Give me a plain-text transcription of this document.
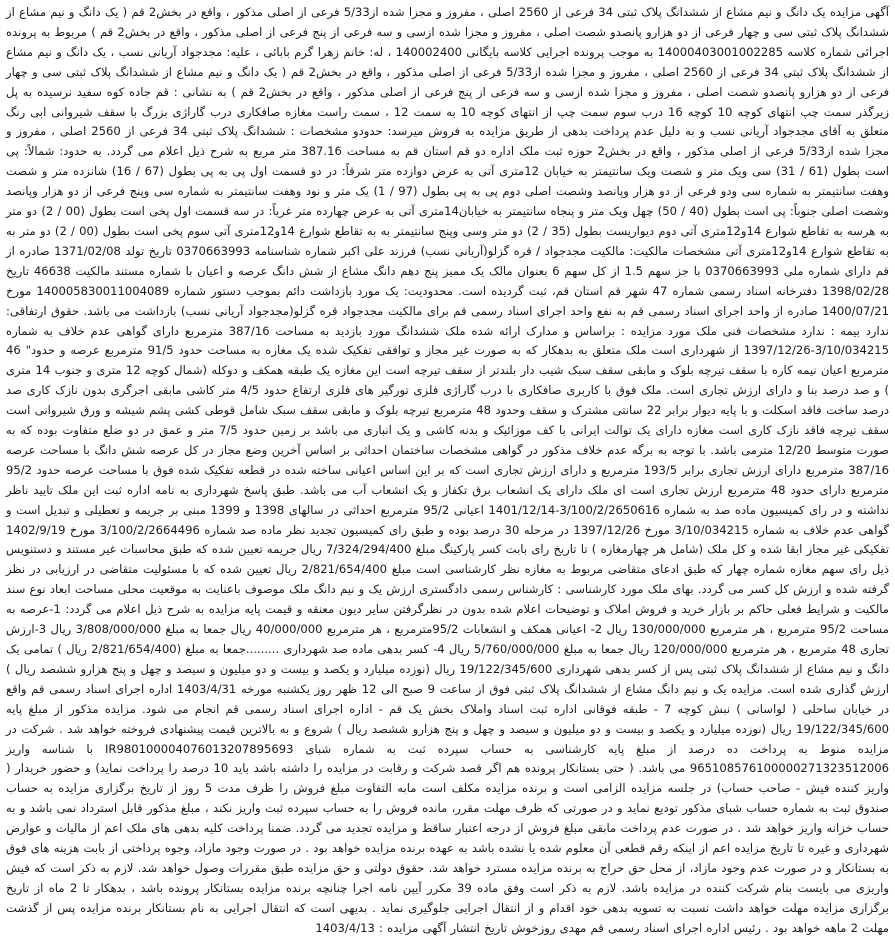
آگهی مزایده یک دانگ و نیم مشاع از ششدانگ پلاک ثبتی 34 فرعی از 2560 اصلی ، مفروز و مجزا شده از5/33 فرعی از اصلی مذکور ، واقع در بخش2 قم ( یک دانگ و نیم مشاع از ششدانگ پلاک ثبتی سی و چهار فرعی از دو هزارو پانصدو شصت اصلی ، مفروز و مجزا شده ازسی و سه فرعی از پنج فرعی از اصلی مذکور ، واقع در بخش2 قم ) مربوط به پرونده اجرائی شماره کلاسه 14000403001002285 به موجب پرونده اجرایی کلاسه بایگانی 140002400 ، له: خانم زهرا گرم بابائی ، علیه: مجدجواد آریانی نسب ، یک دانگ و نیم مشاع از ششدانگ پلاک ثبتی 34 فرعی از 2560 اصلی ، مفروز و مجزا شده از5/33 فرعی از اصلی مذکور ، واقع در بخش2 قم ( یک دانگ و نیم مشاع از ششدانگ پلاک ثبتی سی و چهار فرعی از دو هزارو پانصدو شصت اصلی ، مفروز و مجزا شده ازسی و سه فرعی از پنج فرعی از اصلی مذکور ، واقع در بخش2 قم ) به نشانی : قم جاده کوه سفید نرسیده به پل زیرگذر سمت چپ انتهای کوچه 10 کوچه 16 درب سوم سمت چپ از انتهای کوچه 10 به سمت 12 ، سمت راست مغازه صافکاری درب گاراژی بزرگ با سقف شیروانی ابی رنگ متعلق به آقای مجدجواد آریانی نسب و به دلیل عدم پرداخت بدهی از طریق مزایده به فروش میرسد: حدودو مشخصات : ششدانگ پلاک ثبتی 34 فرعی از 2560 اصلی ، مفروز و مجزا شده از5/33 فرعی از اصلی مذکور ، واقع در بخش2 حوزه ثبت ملک اداره دو قم استان قم به مساحت 387.16 متر مربع به شرح ذیل اعلام می گردد. به حدود: شمالاً: پی است بطول (61 / 31) سی ویک متر و شصت ویک سانتیمتر به خیابان 12متری آتی به عرض دوازده متر شرقاً: در دو قسمت اول پی به پی بطول (67 / 16) شانزده متر و شصت وهفت سانتیمتر به شماره سی ودو فرعی از دو هزار وپانصد وشصت اصلی دوم پی به پی بطول (97 / 1) یک متر و نود وهفت سانتیمتر به شماره سی وپنج فرعی از دو هزار وپانصد وشصت اصلی جنوباً: پی است بطول (40 / 50) چهل ویک متر و پنجاه سانتیمتر به خیابان14متری آتی به عرض چهارده متر غرباً: در سه قسمت اول پخی است بطول (00 / 2) دو متر به هرسه به تقاطع شوارع 14و12متری آتی دوم دیواریست بطول (35 / 2) دو متر وسی وپنج سانتیمتر به به تقاطع شوارع 14و12متری آتی سوم پخی است بطول (00 / 2) دو متر به به تقاطع شوارع 14و12متری آتی مشخصات مالکیت: مالکیت مجدجواد / قره گزلو(آریانی نسب) فرزند علی اکبر شماره شناسنامه 0370663993 تاریخ تولد 1371/02/08 صادره از قم دارای شماره ملی 0370663993 با جز سهم 1.5 از کل سهم 6 بعنوان مالک یک ممیز پنج دهم دانگ مشاع از شش دانگ عرصه و اعیان با شماره مستند مالکیت 46638 تاریخ 1398/02/28 دفترخانه اسناد رسمی شماره 47 شهر قم استان قم، ثبت گردیده است. محدودیت: یک مورد بازداشت دائم بموجب دستور شماره 140005830011004089 مورخ 1400/07/21 صادره از واحد اجرای اسناد رسمی قم به نفع واحد اجرای اسناد رسمی قم برای مالکیت مجدجواد قره گزلو(مجدجواد آریانی نسب) بازداشت می باشد. حقوق ارتفاقی: ندارد بیمه : ندارد مشخصات فنی ملک مورد مزایده : براساس و مدارک ارائه شده ملک ششدانگ مورد بازدید به مساحت 387/16 مترمربع دارای گواهی عدم خلاف به شماره 3/10/034215-1397/12/26 از شهرداری است ملک متعلق به بدهکار که به صورت غیر مجاز و توافقی تفکیک شده یک مغازه به مساحت حدود 91/5 مترمربع عرصه و حدود" 46 مترمربع اعیان نیمه کاره با سقف تیرچه بلوک و مابقی سقف سبک شیب دار بلندتر از سقف تیرچه است این مغازه یک طبقه همکف و دوکله (شمال کوچه 12 متری و جنوب 14 متری ) و صد درصد بنا و دارای ارزش تجاری است. ملک فوق با کاربری صافکاری با درب گاراژی فلزی تورگیر های فلزی ارتفاع حدود 4/5 متر کاشی مابقی اجرگری بدون نازک کاری صد درصد ساخت فاقد اسکلت و با پایه دیوار برابر 22 سانتی مشترک و سقف وحدود 48 مترمربع تیرچه بلوک و مابقی سقف سبک شامل قوطی کشی پشم شیشه و ورق شیروانی است سقف تیرچه فاقد نازک کاری است مغازه دارای یک توالت ایرانی با کف موزائیک و بدنه کاشی و یک انباری می باشد بر زمین حدود 7/5 متر و عمق در دو ضلع متفاوت بوده که به صورت متوسط 12/20 مترمی باشد. با توجه به برگه عدم خلاف مذکور در گواهی مشخصات ساختمان احداثی بر اساس آخرین وضع مجاز در کل عرصه شش دانگ با مساحت عرصه 387/16 مترمربع دارای ارزش تجاری برابر 193/5 مترمربع و دارای ارزش تجاری است که بر این اساس اعیانی ساخته شده در قطعه تفکیک شده فوق با مساحت عرصه حدود 95/2 مترمربع دارای حدود 48 مترمربع ارزش تجاری است ای ملک دارای یک انشعاب برق تکفاز و یک انشعاب آب می باشد. طبق پاسخ شهرداری به نامه اداره ثبت این ملک تایید ناظر نداشته و در رای کمیسیون ماده صد به شماره 3/100/2/2650616-1401/12/14 اعیانی 95/2 مترمربع احداثی در سالهای 1398 و 1399 مبنی بر جریمه و تعطیلی و تبدیل است و گواهی عدم خلاف به شماره 3/10/034215 مورخ 1397/12/26 در مرحله 30 درصد بوده و طبق رای کمیسیون تجدید نظر ماده صد شماره 3/100/2/2664496 مورخ 1402/9/19 تفکیکی غیر مجاز ابقا شده و کل ملک (شامل هر چهارمغازه ) تا تاریخ رای بابت کسر پارکینگ مبلغ 7/324/294/400 ریال جریمه تعیین شده که طبق محاسبات غیر مستند و دستنویس ذیل رای سهم مغازه شماره چهار که طبق ادعای متقاضی مربوط به مغازه نظر کارشناسی است مبلغ 2/821/654/400 ریال تعیین شده که با مسئولیت متقاضی در ارزیابی در نظر گرفته شده و ارزش کل کسر می گردد. بهای ملک مورد کارشناسی : کارشناس رسمی دادگستری ارزش یک و نیم دانگ ملک موصوف باعنایت به موقعیت محلی مساحت ابعاد نوع سند مالکیت و شرایط فعلی حاکم بر بازار خرید و فروش املاک و توضیحات اعلام شده بدون در نظرگرفتن سایر دیون معنقه و قیمت پایه مزایده به شرح ذیل اعلام می گردد: 1-عرصه به مساحت 95/2 مترمربع ، هر مترمربع 130/000/000 ریال 2- اعیانی همکف و انشعابات 95/2مترمربع ، هر مترمربع 40/000/000 ریال جمعا به مبلغ 3/808/000/000 ریال 3-ارزش تجاری 48 مترمربع ، هر مترمربع 120/000/000 ریال جمعا به مبلغ 5/760/000/000 ریال 4- کسر بدهی ماده صد شهرداری .........جمعا به مبلغ (2/821/654/400 ریال ) تمامی یک دانگ و نیم مشاع از ششدانگ پلاک ثبتی پس از کسر بدهی شهرداری 19/122/345/600 ریال (نوزده میلیارد و یکصد و بیست و دو میلیون و سیصد و چهل و پنج هزارو ششصد ریال ) ارزش گذاری شده است. مزایده یک و نیم دانگ مشاع از ششدانگ پلاک ثبتی فوق از ساعت 9 صبح الی 12 ظهر روز یکشنبه مورخه 1403/4/31 اداره اجرای اسناد رسمی قم واقع در خیابان ساحلی ( لواسانی ) نبش کوچه 7 - طبقه فوقانی اداره ثبت اسناد واملاک بخش یک قم - اداره اجرای اسناد رسمی قم انجام می شود. مزایده مذکور از مبلغ پایه 19/122/345/600 ریال (نوزده میلیارد و یکصد و بیست و دو میلیون و سیصد و چهل و پنج هزارو ششصد ریال ) شروع و به بالاترین قیمت پیشنهادی فروخته خواهد شد . شرکت در مزایده منوط به پرداخت ده درصد از مبلغ پایه کارشناسی به حساب سپرده ثبت به شماره شبای IR980100004076013207895693 با شناسه واریز 965108576100000271323512006 می باشد. ( حتی بستانکار پرونده هم اگر قصد شرکت و رقابت در مزایده را داشته باشد باید 10 درصد را پرداخت نماید) و حضور خریدار ( واریز کننده فیش - صاحب حساب) در جلسه مزایده الزامی است و برنده مزایده مکلف است مابه التفاوت مبلغ فروش را ظرف مدت 5 روز از تاریخ برگزاری مزایده به حساب صندوق ثبت به شماره حساب شبای مذکور تودیع نماید و در صورتی که ظرف مهلت مقرر، مانده فروش را به حساب سپرده ثبت واریز نکند ، مبلغ مذکور قابل استرداد نمی باشد و به حساب خزانه واریز خواهد شد . در صورت عدم پرداخت مابقی مبلغ فروش از درجه اعتبار ساقط و مزایده تجدید می گردد. ضمنا پرداخت کلیه بدهی های ملک اعم از مالیات و عوارض شهرداری و غیره تا تاریخ مزایده اعم از اینکه رقم قطعی آن معلوم شده یا نشده باشد به عهده برنده مزایده خواهد بود . در صورت وجود مازاد، وجوه پرداختی از بابت هزینه های فوق به بستانکار و در صورت عدم وجود مازاد، از محل حق حراج به برنده مزایده مسترد خواهد شد. حقوق دولتی و حق مزایده طبق مقررات وصول خواهد شد. لازم به ذکر است که فیش واریزی می بایست بنام شرکت کننده در مزایده باشد. لازم به ذکر است وفق ماده 39 مکرر آیین نامه اجرا چنانچه برنده مزایده بستانکار پرونده باشد ، بدهکار تا 2 ماه از تاریخ برگزاری مزایده مهلت خواهد داشت نسبت به تسویه بدهی خود اقدام و از انتقال اجرایی جلوگیری نماید . بدیهی است که انتقال اجرایی به نام بستانکار برنده مزایده پس از گذشت مهلت 2 ماهه خواهد بود . رئیس اداره اجرای اسناد رسمی قم مهدی روزخوش تاریخ انتشار آگهی مزایده : 1403/4/13
